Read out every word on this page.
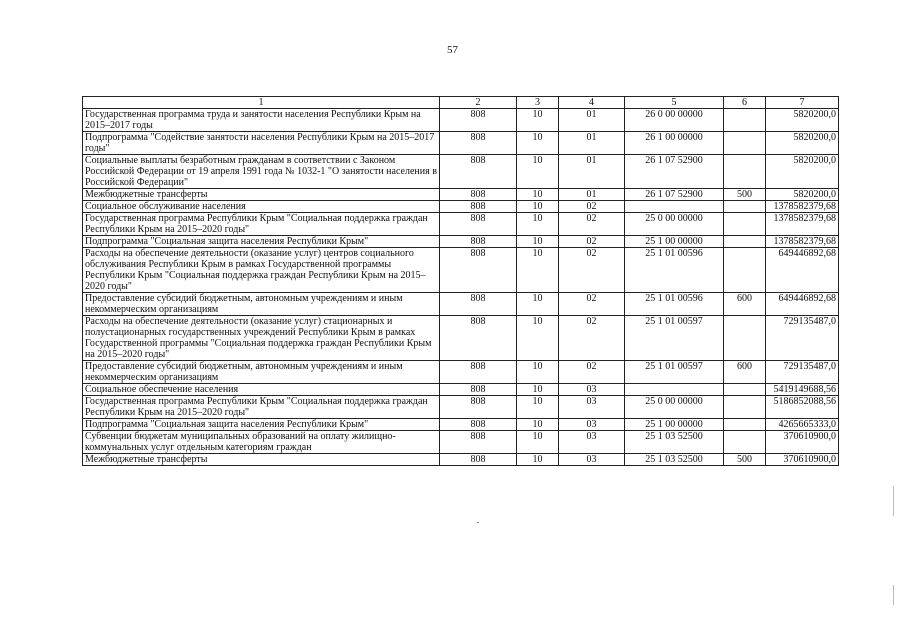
57
1	2	3	4	5	6	7
Государственная программа труда и занятости населения Республики Крым на 2015–2017 годы	808	10	01	26 0 00 00000		5820200,0
Подпрограмма "Содействие занятости населения Республики Крым на 2015–2017 годы"	808	10	01	26 1 00 00000		5820200,0
Социальные выплаты безработным гражданам в соответствии с Законом Российской Федерации от 19 апреля 1991 года № 1032-1 "О занятости населения в Российской Федерации"	808	10	01	26 1 07 52900		5820200,0
Межбюджетные трансферты	808	10	01	26 1 07 52900	500	5820200,0
Социальное обслуживание населения	808	10	02			1378582379,68
Государственная программа Республики Крым "Социальная поддержка граждан Республики Крым на 2015–2020 годы"	808	10	02	25 0 00 00000		1378582379,68
Подпрограмма "Социальная защита населения Республики Крым"	808	10	02	25 1 00 00000		1378582379,68
Расходы на обеспечение деятельности (оказание услуг) центров социального обслуживания Республики Крым в рамках Государственной программы Республики Крым "Социальная поддержка граждан Республики Крым на 2015–2020 годы"	808	10	02	25 1 01 00596		649446892,68
Предоставление субсидий бюджетным, автономным учреждениям и иным некоммерческим организациям	808	10	02	25 1 01 00596	600	649446892,68
Расходы на обеспечение деятельности (оказание услуг) стационарных и полустационарных государственных учреждений Республики Крым в рамках Государственной программы "Социальная поддержка граждан Республики Крым на 2015–2020 годы"	808	10	02	25 1 01 00597		729135487,0
Предоставление субсидий бюджетным, автономным учреждениям и иным некоммерческим организациям	808	10	02	25 1 01 00597	600	729135487,0
Социальное обеспечение населения	808	10	03			5419149688,56
Государственная программа Республики Крым "Социальная поддержка граждан Республики Крым на 2015–2020 годы"	808	10	03	25 0 00 00000		5186852088,56
Подпрограмма "Социальная защита населения Республики Крым"	808	10	03	25 1 00 00000		4265665333,0
Субвенции бюджетам муниципальных образований на оплату жилищно-коммунальных услуг отдельным категориям граждан	808	10	03	25 1 03 52500		370610900,0
Межбюджетные трансферты	808	10	03	25 1 03 52500	500	370610900,0
